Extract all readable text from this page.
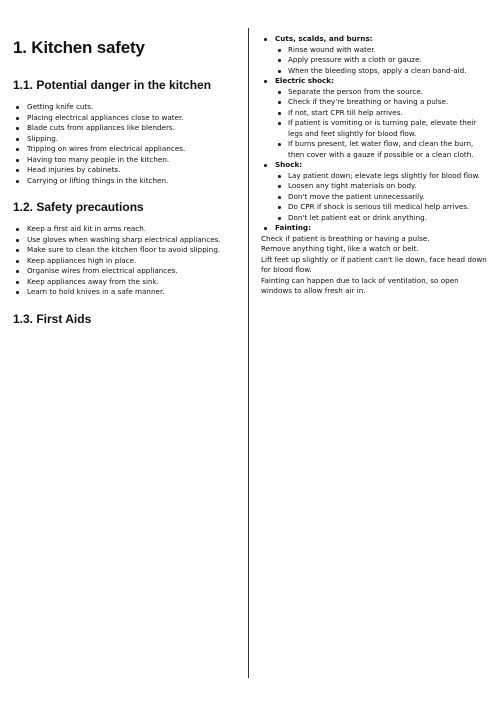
1. Kitchen safety
1.1. Potential danger in the kitchen
Getting knife cuts.
Placing electrical appliances close to water.
Blade cuts from appliances like blenders.
Slipping.
Tripping on wires from electrical appliances.
Having too many people in the kitchen.
Head injuries by cabinets.
Carrying or lifting things in the kitchen.
1.2. Safety precautions
Keep a first aid kit in arms reach.
Use gloves when washing sharp electrical appliances.
Make sure to clean the kitchen floor to avoid slipping.
Keep appliances high in place.
Organise wires from electrical appliances.
Keep appliances away from the sink.
Learn to hold knives in a safe manner.
1.3. First Aids
Cuts, scalds, and burns:
Rinse wound with water.
Apply pressure with a cloth or gauze.
When the bleeding stops, apply a clean band-aid.
Electric shock:
Separate the person from the source.
Check if they're breathing or having a pulse.
If not, start CPR till help arrives.
If patient is vomiting or is turning pale, elevate their legs and feet slightly for blood flow.
If burns present, let water flow, and clean the burn, then cover with a gauze if possible or a clean cloth.
Shock:
Lay patient down; elevate legs slightly for blood flow.
Loosen any tight materials on body.
Don't move the patient unnecessarily.
Do CPR if shock is serious till medical help arrives.
Don't let patient eat or drink anything.
Fainting:
Check if patient is breathing or having a pulse.
Remove anything tight, like a watch or belt.
Lift feet up slightly or if patient can't lie down, face head down for blood flow.
Fainting can happen due to lack of ventilation, so open windows to allow fresh air in.
